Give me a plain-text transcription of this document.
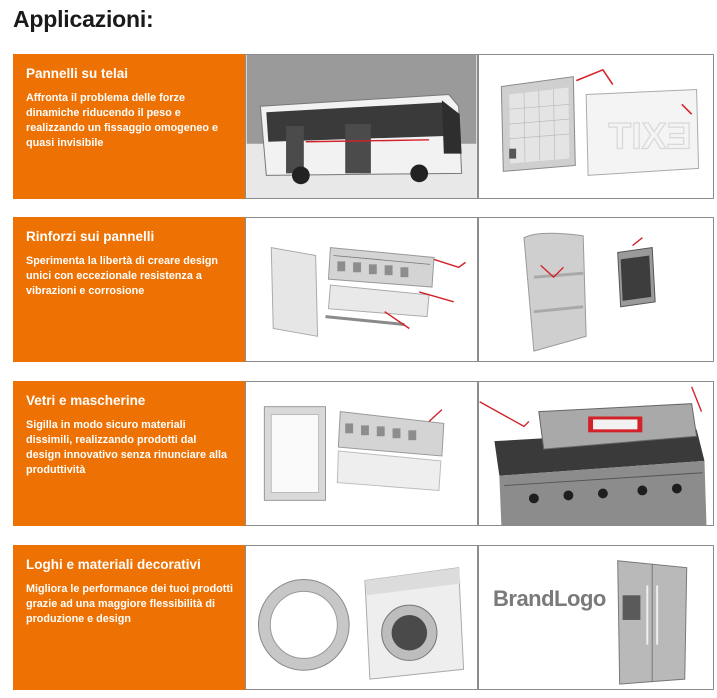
Applicazioni:
Pannelli su telai
Affronta il problema delle forze dinamiche riducendo il peso e realizzando un fissaggio omogeneo e quasi invisibile	EXIT
Rinforzi sui pannelli
Sperimenta la libertà di creare design unici con eccezionale resistenza a vibrazioni e corrosione
Vetri e mascherine
Sigilla in modo sicuro materiali dissimili, realizzando prodotti dal design innovativo senza rinunciare alla produttività
Loghi e materiali decorativi
Migliora le performance dei tuoi prodotti grazie ad una maggiore flessibilità di produzione e design
BrandLogo
